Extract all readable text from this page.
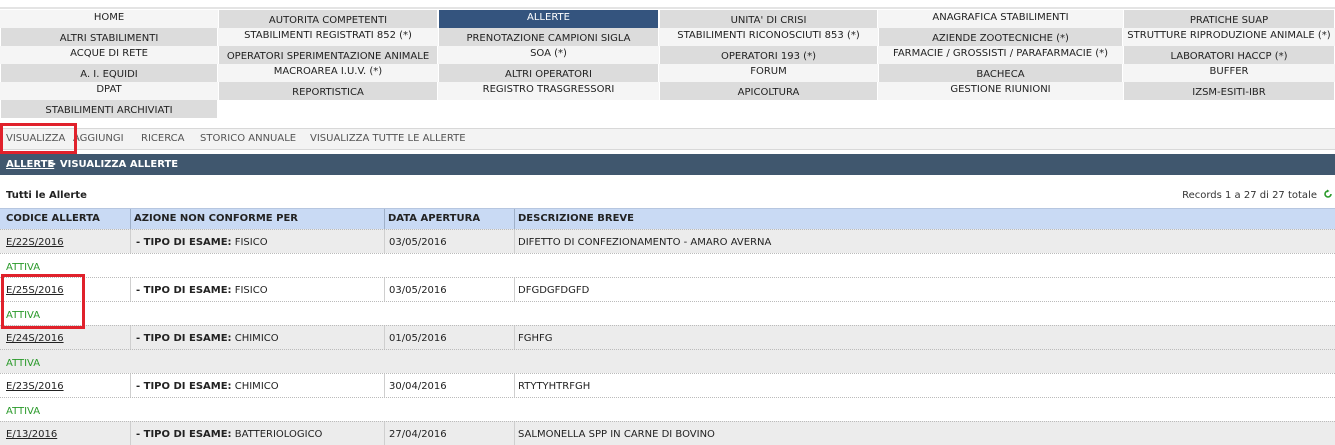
HOME	AUTORITA COMPETENTI	ALLERTE	UNITA' DI CRISI	ANAGRAFICA STABILIMENTI	PRATICHE SUAP
ALTRI STABILIMENTI	STABILIMENTI REGISTRATI 852 (*)	PRENOTAZIONE CAMPIONI SIGLA	STABILIMENTI RICONOSCIUTI 853 (*)	AZIENDE ZOOTECNICHE (*)	STRUTTURE RIPRODUZIONE ANIMALE (*)
ACQUE DI RETE	OPERATORI SPERIMENTAZIONE ANIMALE	SOA (*)	OPERATORI 193 (*)	FARMACIE / GROSSISTI / PARAFARMACIE (*)	LABORATORI HACCP (*)
A. I. EQUIDI	MACROAREA I.U.V. (*)	ALTRI OPERATORI	FORUM	BACHECA	BUFFER
DPAT	REPORTISTICA	REGISTRO TRASGRESSORI	APICOLTURA	GESTIONE RIUNIONI	IZSM-ESITI-IBR
STABILIMENTI ARCHIVIATI
VISUALIZZA AGGIUNGI RICERCA STORICO ANNUALE VISUALIZZA TUTTE LE ALLERTE
ALLERTE
> VISUALIZZA ALLERTE
Tutti le Allerte	Records 1 a 27 di 27 totale
CODICE ALLERTA	AZIONE NON CONFORME PER	DATA APERTURA	DESCRIZIONE BREVE
E/22S/2016	- TIPO DI ESAME: FISICO	03/05/2016	DIFETTO DI CONFEZIONAMENTO - AMARO AVERNA
ATTIVA
E/25S/2016	- TIPO DI ESAME: FISICO	03/05/2016	DFGDGFDGFD
ATTIVA
E/24S/2016	- TIPO DI ESAME: CHIMICO	01/05/2016	FGHFG
ATTIVA
E/23S/2016	- TIPO DI ESAME: CHIMICO	30/04/2016	RTYTYHTRFGH
ATTIVA
E/13/2016	- TIPO DI ESAME: BATTERIOLOGICO	27/04/2016	SALMONELLA SPP IN CARNE DI BOVINO
